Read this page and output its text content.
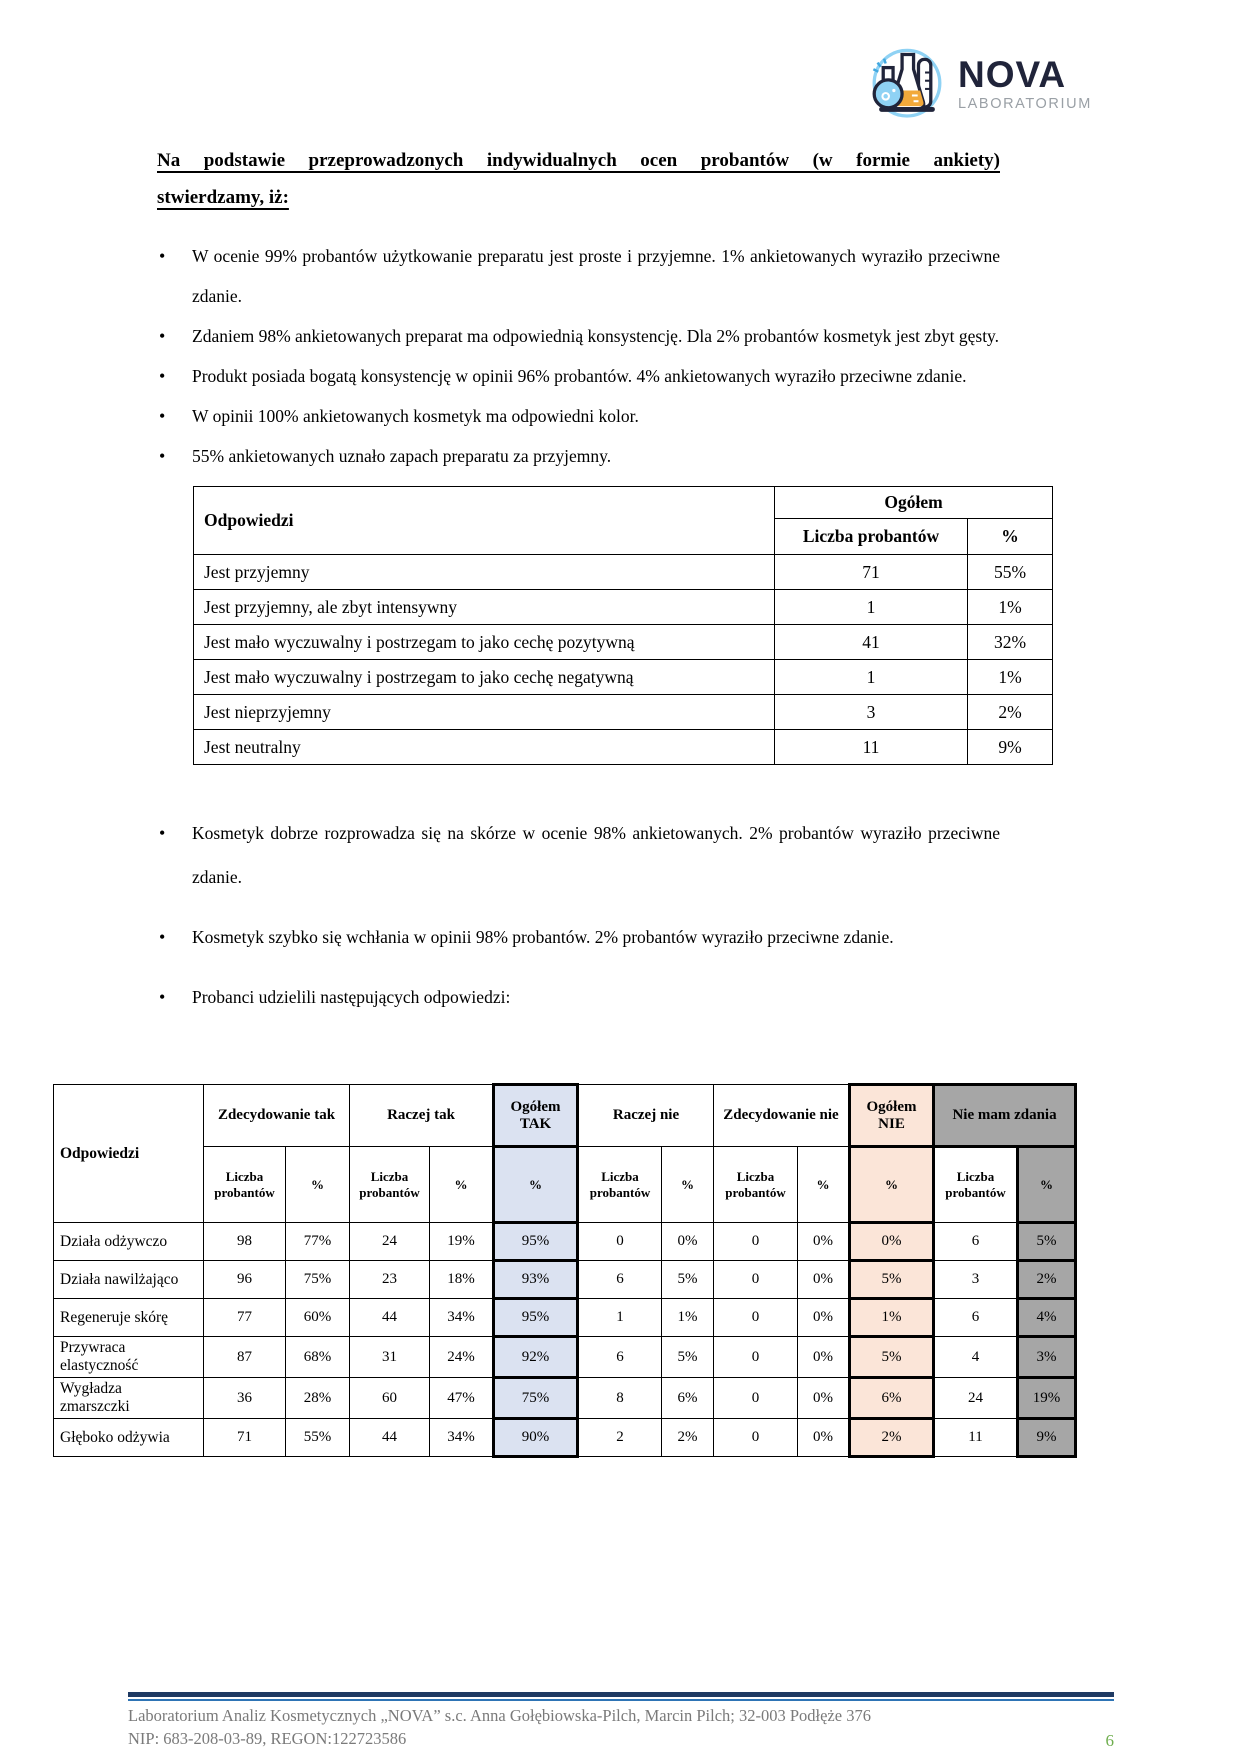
NOVA
LABORATORIUM
Na podstawie przeprowadzonych indywidualnych ocen probantów (w formie ankiety)
stwierdzamy, iż:
• W ocenie 99% probantów użytkowanie preparatu jest proste i przyjemne. 1% ankietowanych wyraziło przeciwne zdanie.
• Zdaniem 98% ankietowanych preparat ma odpowiednią konsystencję. Dla 2% probantów kosmetyk jest zbyt gęsty.
• Produkt posiada bogatą konsystencję w opinii 96% probantów. 4% ankietowanych wyraziło przeciwne zdanie.
• W opinii 100% ankietowanych kosmetyk ma odpowiedni kolor.
• 55% ankietowanych uznało zapach preparatu za przyjemny.
Odpowiedzi	Ogółem	
	Liczba probantów	%
Jest przyjemny	71	55%
Jest przyjemny, ale zbyt intensywny	1	1%
Jest mało wyczuwalny i postrzegam to jako cechę pozytywną	41	32%
Jest mało wyczuwalny i postrzegam to jako cechę negatywną	1	1%
Jest nieprzyjemny	3	2%
Jest neutralny	11	9%
• Kosmetyk dobrze rozprowadza się na skórze w ocenie 98% ankietowanych. 2% probantów wyraziło przeciwne zdanie.
• Kosmetyk szybko się wchłania w opinii 98% probantów. 2% probantów wyraziło przeciwne zdanie.
• Probanci udzielili następujących odpowiedzi:
Odpowiedzi	Zdecydowanie tak		Raczej tak		Ogółem TAK	Raczej nie		Zdecydowanie nie		Ogółem NIE	Nie mam zdania	
	Liczba probantów	%	Liczba probantów	%	%	Liczba probantów	%	Liczba probantów	%	%	Liczba probantów	%
Działa odżywczo	98	77%	24	19%	95%	0	0%	0	0%	0%	6	5%
Działa nawilżająco	96	75%	23	18%	93%	6	5%	0	0%	5%	3	2%
Regeneruje skórę	77	60%	44	34%	95%	1	1%	0	0%	1%	6	4%
Przywraca elastyczność	87	68%	31	24%	92%	6	5%	0	0%	5%	4	3%
Wygładza zmarszczki	36	28%	60	47%	75%	8	6%	0	0%	6%	24	19%
Głęboko odżywia	71	55%	44	34%	90%	2	2%	0	0%	2%	11	9%
Laboratorium Analiz Kosmetycznych „NOVA” s.c. Anna Gołębiowska-Pilch, Marcin Pilch; 32-003 Podłęże 376
NIP: 683-208-03-89, REGON:122723586	6
